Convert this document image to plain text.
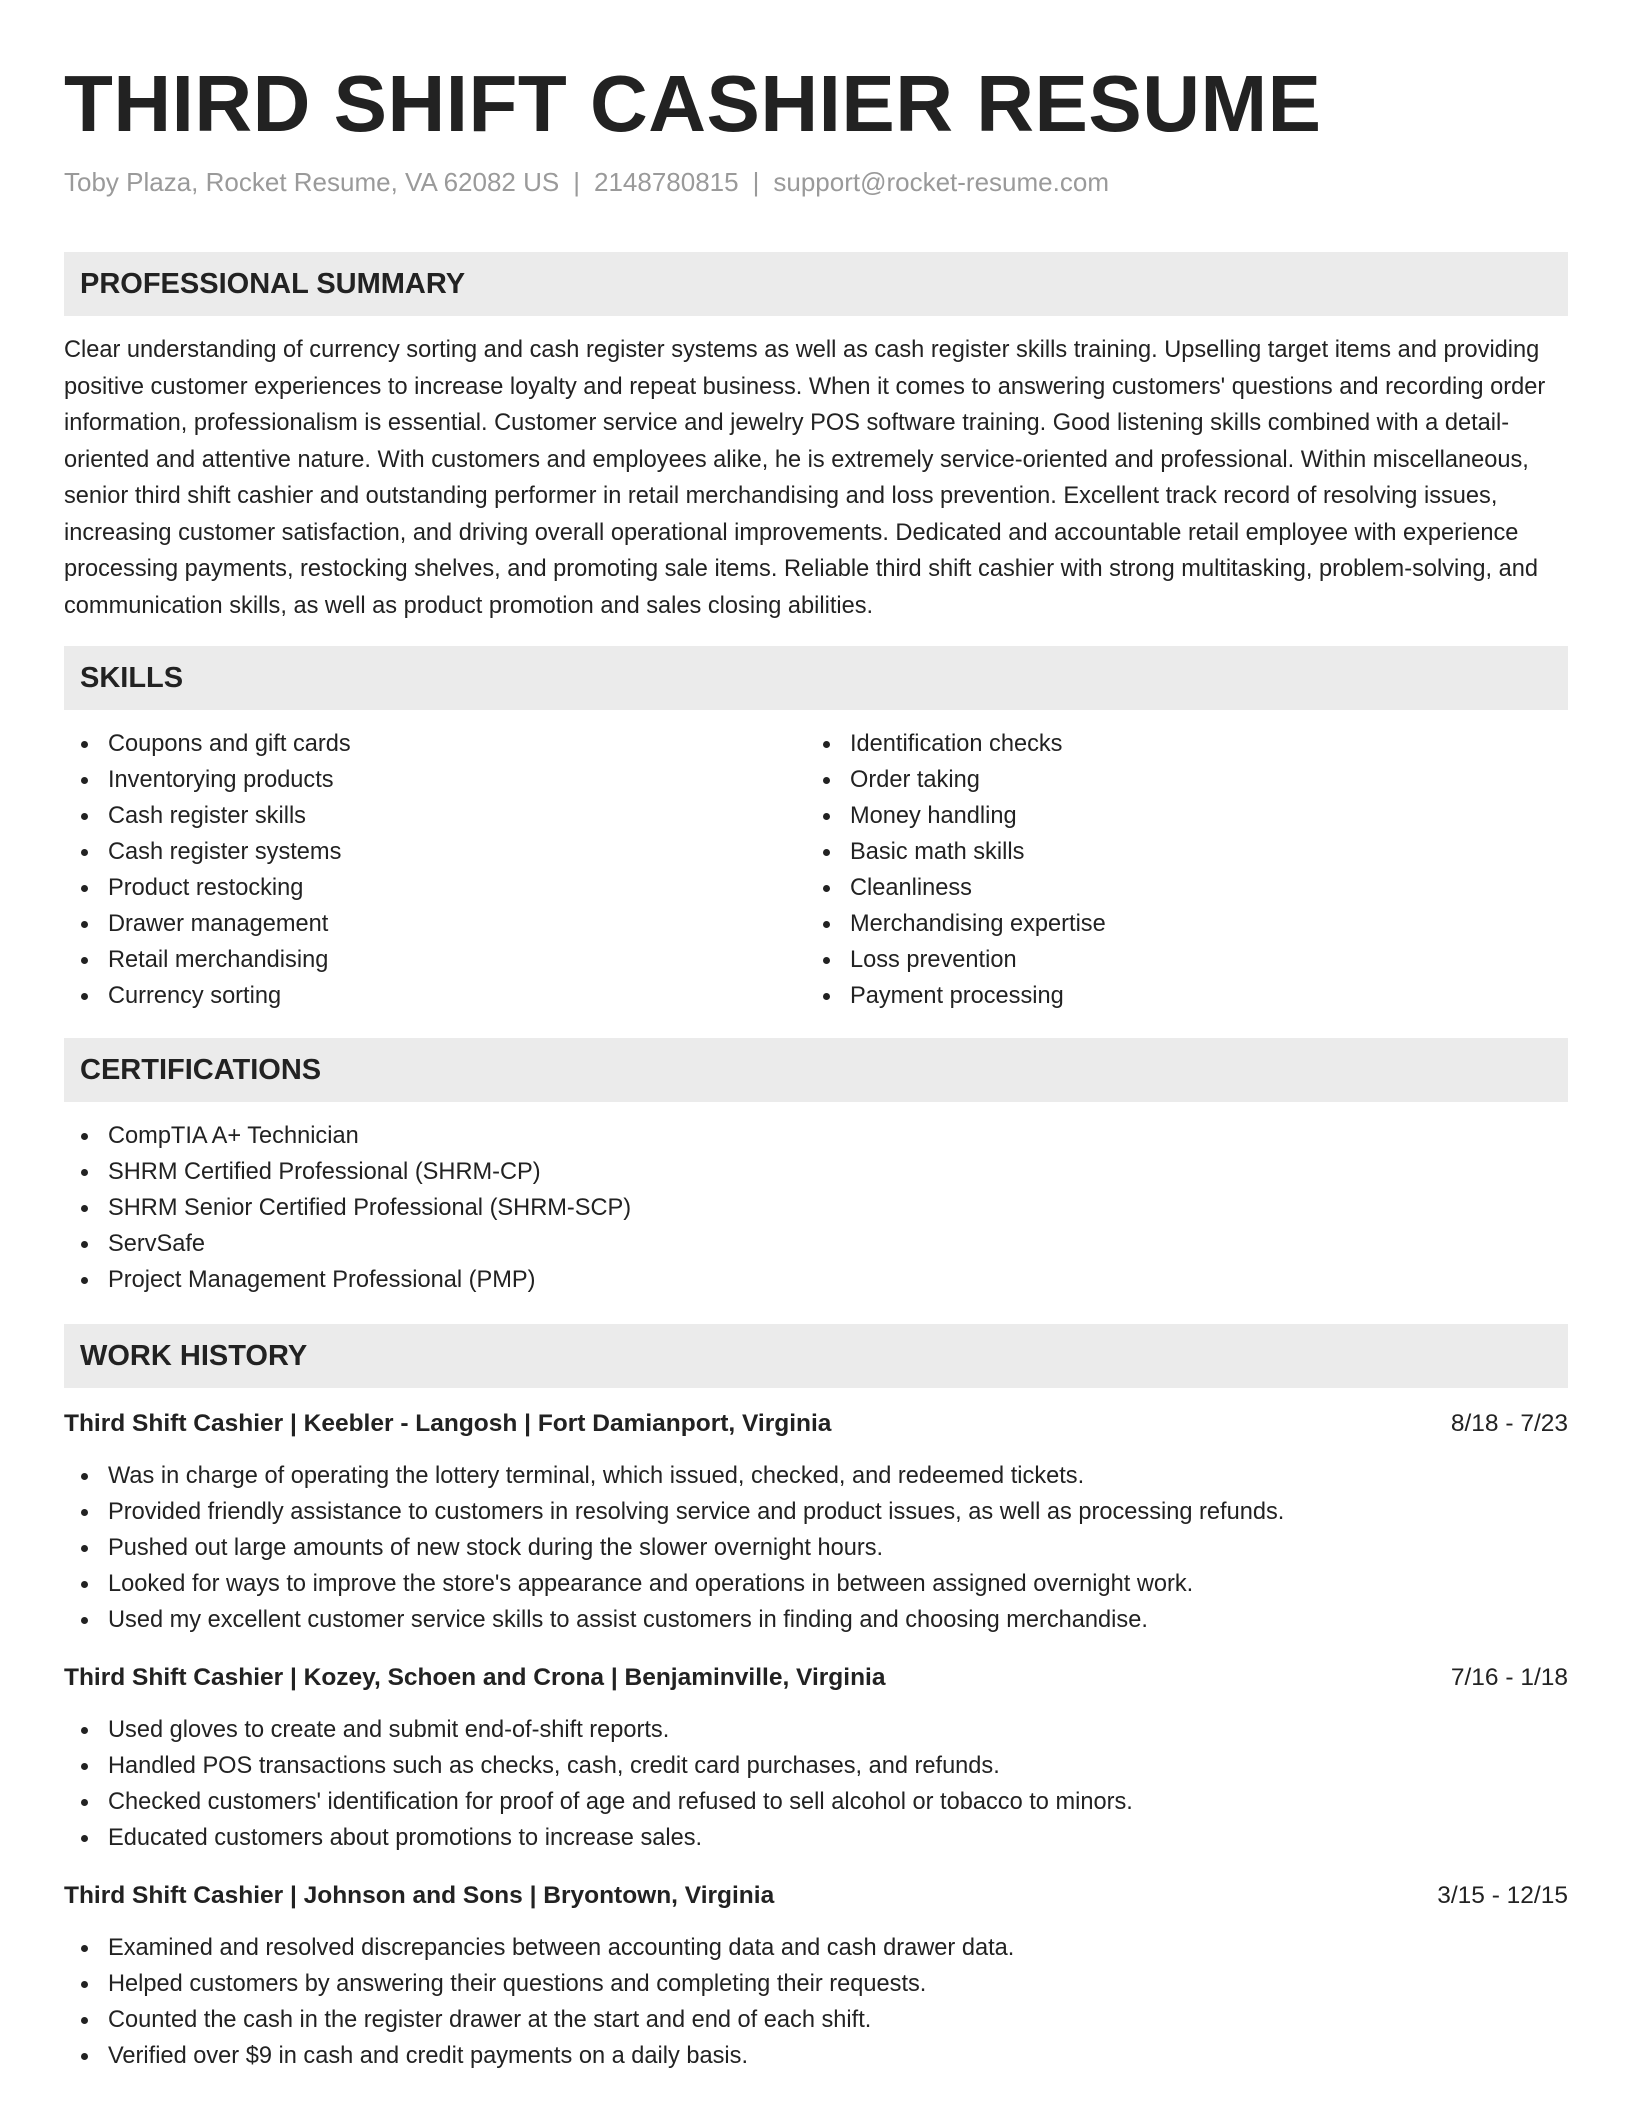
THIRD SHIFT CASHIER RESUME
Toby Plaza, Rocket Resume, VA 62082 US | 2148780815 | support@rocket-resume.com
PROFESSIONAL SUMMARY

Clear understanding of currency sorting and cash register systems as well as cash register skills training. Upselling target items and providing positive customer experiences to increase loyalty and repeat business. When it comes to answering customers' questions and recording order information, professionalism is essential. Customer service and jewelry POS software training. Good listening skills combined with a detail-oriented and attentive nature. With customers and employees alike, he is extremely service-oriented and professional. Within miscellaneous, senior third shift cashier and outstanding performer in retail merchandising and loss prevention. Excellent track record of resolving issues, increasing customer satisfaction, and driving overall operational improvements. Dedicated and accountable retail employee with experience processing payments, restocking shelves, and promoting sale items. Reliable third shift cashier with strong multitasking, problem-solving, and communication skills, as well as product promotion and sales closing abilities.

SKILLS
Coupons and gift cards
Inventorying products
Cash register skills
Cash register systems
Product restocking
Drawer management
Retail merchandising
Currency sorting
Identification checks
Order taking
Money handling
Basic math skills
Cleanliness
Merchandising expertise
Loss prevention
Payment processing
CERTIFICATIONS
CompTIA A+ Technician
SHRM Certified Professional (SHRM-CP)
SHRM Senior Certified Professional (SHRM-SCP)
ServSafe
Project Management Professional (PMP)
WORK HISTORY
Third Shift Cashier | Keebler - Langosh | Fort Damianport, Virginia	8/18 - 7/23
Was in charge of operating the lottery terminal, which issued, checked, and redeemed tickets.
Provided friendly assistance to customers in resolving service and product issues, as well as processing refunds.
Pushed out large amounts of new stock during the slower overnight hours.
Looked for ways to improve the store's appearance and operations in between assigned overnight work.
Used my excellent customer service skills to assist customers in finding and choosing merchandise.
Third Shift Cashier | Kozey, Schoen and Crona | Benjaminville, Virginia	7/16 - 1/18
Used gloves to create and submit end-of-shift reports.
Handled POS transactions such as checks, cash, credit card purchases, and refunds.
Checked customers' identification for proof of age and refused to sell alcohol or tobacco to minors.
Educated customers about promotions to increase sales.
Third Shift Cashier | Johnson and Sons | Bryontown, Virginia	3/15 - 12/15
Examined and resolved discrepancies between accounting data and cash drawer data.
Helped customers by answering their questions and completing their requests.
Counted the cash in the register drawer at the start and end of each shift.
Verified over $9 in cash and credit payments on a daily basis.
